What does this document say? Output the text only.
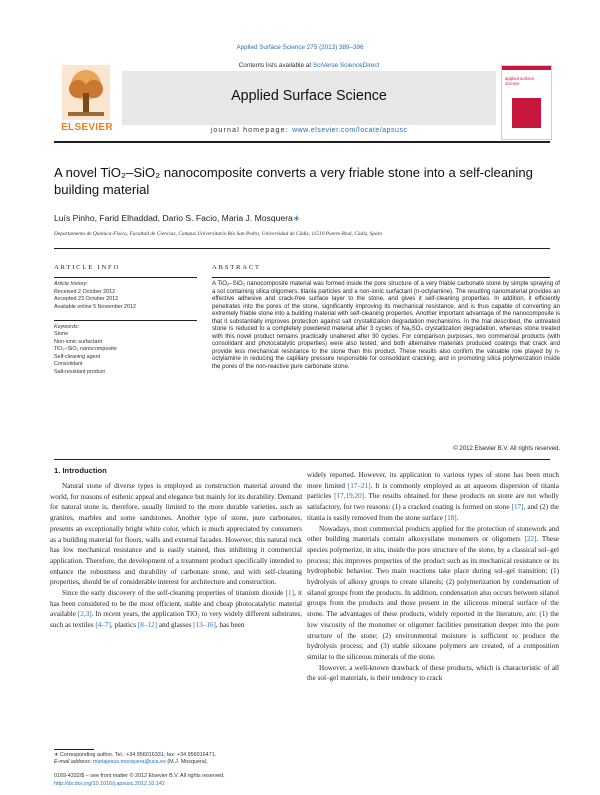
Applied Surface Science 275 (2013) 389–396
ELSEVIER
Contents lists available at SciVerse ScienceDirect
Applied Surface Science
journal homepage: www.elsevier.com/locate/apsusc
applied surface science
A novel TiO₂–SiO₂ nanocomposite converts a very friable stone into a self-cleaning building material
Luís Pinho, Farid Elhaddad, Dario S. Facio, Maria J. Mosquera∗
Departamento de Química-Física, Facultad de Ciencias, Campus Universitario Río San Pedro, Universidad de Cádiz, 11510 Puerto Real, Cádiz, Spain
ARTICLE INFO
Article history:
Received 2 October 2012
Accepted 23 October 2012
Available online 5 November 2012
Keywords:
Stone
Non-ionic surfactant
TiO₂–SiO₂ nanocomposite
Self-cleaning agent
Consolidant
Salt-resistant product
ABSTRACT
A TiO₂–SiO₂ nanocomposite material was formed inside the pore structure of a very friable carbonate stone by simple spraying of a sol containing silica oligomers, titania particles and a non-ionic surfactant (n-octylamine). The resulting nanomaterial provides an effective adhesive and crack-free surface layer to the stone, and gives it self-cleaning properties. In addition, it efficiently penetrates into the pores of the stone, significantly improving its mechanical resistance, and is thus capable of converting an extremely friable stone into a building material with self-cleaning properties. Another important advantage of the nanocomposite is that it substantially improves protection against salt crystallization degradation mechanisms. In the trial described, the untreated stone is reduced to a completely powdered material after 3 cycles of Na₂SO₄ crystallization degradation, whereas stone treated with this novel product remains practically unaltered after 30 cycles. For comparison purposes, two commercial products (with consolidant and photocatalytic properties) were also tested, and both alternative materials produced coatings that crack and provide less mechanical resistance to the stone than this product. These results also confirm the valuable role played by n-octylamine in reducing the capillary pressure responsible for consolidant cracking, and in promoting silica polymerization inside the pores of the non-reactive pure carbonate stone.
© 2012 Elsevier B.V. All rights reserved.
1. Introduction

Natural stone of diverse types is employed as construction material around the world, for reasons of esthetic appeal and elegance but mainly for its durability. Demand for natural stone is, therefore, usually limited to the more durable varieties, such as granites, marbles and some sandstones. Another type of stone, pure carbonates, presents an exceptionally bright white color, which is much appreciated by consumers as a building material for floors, walls and external facades. However, this natural rock has low mechanical resistance and is easily stained, thus inhibiting it commercial application. Therefore, the development of a treatment product specifically intended to enhance the robustness and durability of carbonate stone, and with self-cleaning properties, should be of considerable interest for architecture and construction.

Since the early discovery of the self-cleaning properties of titanium dioxide [1], it has been considered to be the most efficient, stable and cheap photocatalytic material available [2,3]. In recent years, the application TiO₂ to very widely different substrates, such as textiles [4–7], plastics [8–12] and glasses [13–16], has been

widely reported. However, its application to various types of stone has been much more limited [17–21]. It is commonly employed as an aqueous dispersion of titania particles [17,19,20]. The results obtained for these products on stone are not wholly satisfactory, for two reasons: (1) a cracked coating is formed on stone [17], and (2) the titania is easily removed from the stone surface [18].

Nowadays, most commercial products applied for the protection of stonework and other building materials contain alkoxysilane monomers or oligomers [22]. These species polymerize, in situ, inside the pore structure of the stone, by a classical sol–gel process; this improves properties of the product such as its mechanical resistance or its hydrophobic behavior. Two main reactions take place during sol–gel transition: (1) hydrolysis of alkoxy groups to create silanols; (2) polymerization by condensation of silanol groups from the products. In addition, condensation also occurs between silanol groups from the products and those present in the siliceous mineral surface of the stone. The advantages of these products, widely reported in the literature, are: (1) the low viscosity of the monomer or oligomer facilities penetration deeper into the pore structure of the stone; (2) environmental moisture is sufficient to produce the hydrolysis process; and (3) stable siloxane polymers are created, of a composition similar to the siliceous minerals of the stone.

However, a well-known drawback of these products, which is characteristic of all the sol–gel materials, is their tendency to crack

∗ Corresponding author. Tel.: +34 956016331; fax: +34 956016471.
E-mail address: mariajesus.mosquera@uca.es (M.J. Mosquera).
0169-4332/$ – see front matter © 2012 Elsevier B.V. All rights reserved.
http://dx.doi.org/10.1016/j.apsusc.2012.10.142
